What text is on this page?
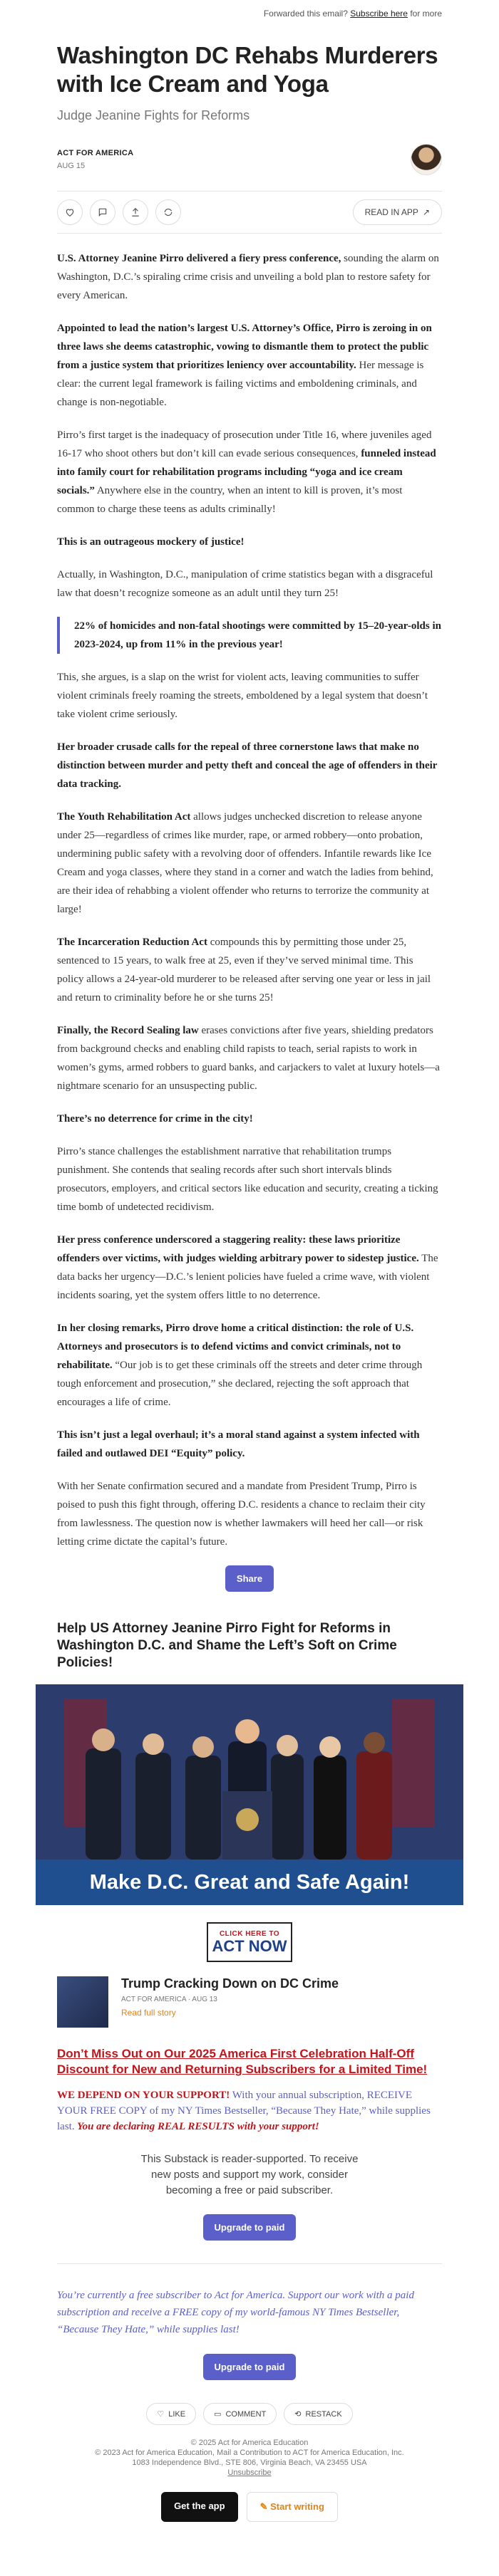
Forwarded this email? Subscribe here for more
Washington DC Rehabs Murderers with Ice Cream and Yoga
Judge Jeanine Fights for Reforms
ACT FOR AMERICA
AUG 15
READ IN APP ↗

U.S. Attorney Jeanine Pirro delivered a fiery press conference, sounding the alarm on Washington, D.C.’s spiraling crime crisis and unveiling a bold plan to restore safety for every American.

Appointed to lead the nation’s largest U.S. Attorney’s Office, Pirro is zeroing in on three laws she deems catastrophic, vowing to dismantle them to protect the public from a justice system that prioritizes leniency over accountability. Her message is clear: the current legal framework is failing victims and emboldening criminals, and change is non-negotiable.

Pirro’s first target is the inadequacy of prosecution under Title 16, where juveniles aged 16-17 who shoot others but don’t kill can evade serious consequences, funneled instead into family court for rehabilitation programs including “yoga and ice cream socials.” Anywhere else in the country, when an intent to kill is proven, it’s most common to charge these teens as adults criminally!

This is an outrageous mockery of justice!

Actually, in Washington, D.C., manipulation of crime statistics began with a disgraceful law that doesn’t recognize someone as an adult until they turn 25!

22% of homicides and non-fatal shootings were committed by 15–20-year-olds in 2023-2024, up from 11% in the previous year!

This, she argues, is a slap on the wrist for violent acts, leaving communities to suffer violent criminals freely roaming the streets, emboldened by a legal system that doesn’t take violent crime seriously.

Her broader crusade calls for the repeal of three cornerstone laws that make no distinction between murder and petty theft and conceal the age of offenders in their data tracking.

The Youth Rehabilitation Act allows judges unchecked discretion to release anyone under 25—regardless of crimes like murder, rape, or armed robbery—onto probation, undermining public safety with a revolving door of offenders. Infantile rewards like Ice Cream and yoga classes, where they stand in a corner and watch the ladies from behind, are their idea of rehabbing a violent offender who returns to terrorize the community at large!

The Incarceration Reduction Act compounds this by permitting those under 25, sentenced to 15 years, to walk free at 25, even if they’ve served minimal time. This policy allows a 24-year-old murderer to be released after serving one year or less in jail and return to criminality before he or she turns 25!

Finally, the Record Sealing law erases convictions after five years, shielding predators from background checks and enabling child rapists to teach, serial rapists to work in women’s gyms, armed robbers to guard banks, and carjackers to valet at luxury hotels—a nightmare scenario for an unsuspecting public.

There’s no deterrence for crime in the city!

Pirro’s stance challenges the establishment narrative that rehabilitation trumps punishment. She contends that sealing records after such short intervals blinds prosecutors, employers, and critical sectors like education and security, creating a ticking time bomb of undetected recidivism.

Her press conference underscored a staggering reality: these laws prioritize offenders over victims, with judges wielding arbitrary power to sidestep justice. The data backs her urgency—D.C.’s lenient policies have fueled a crime wave, with violent incidents soaring, yet the system offers little to no deterrence.

In her closing remarks, Pirro drove home a critical distinction: the role of U.S. Attorneys and prosecutors is to defend victims and convict criminals, not to rehabilitate. “Our job is to get these criminals off the streets and deter crime through tough enforcement and prosecution,” she declared, rejecting the soft approach that encourages a life of crime.

This isn’t just a legal overhaul; it’s a moral stand against a system infected with failed and outlawed DEI “Equity” policy.

With her Senate confirmation secured and a mandate from President Trump, Pirro is poised to push this fight through, offering D.C. residents a chance to reclaim their city from lawlessness. The question now is whether lawmakers will heed her call—or risk letting crime dictate the capital’s future.

Share
Help US Attorney Jeanine Pirro Fight for Reforms in Washington D.C. and Shame the Left’s Soft on Crime Policies!
Make D.C. Great and Safe Again!
CLICK HERE TO
ACT NOW
Trump Cracking Down on DC Crime
ACT FOR AMERICA · AUG 13
Read full story
Don’t Miss Out on Our 2025 America First Celebration Half-Off Discount for New and Returning Subscribers for a Limited Time!
WE DEPEND ON YOUR SUPPORT! With your annual subscription, RECEIVE YOUR FREE COPY of my NY Times Bestseller, “Because They Hate,” while supplies last. You are declaring REAL RESULTS with your support!
This Substack is reader-supported. To receive new posts and support my work, consider becoming a free or paid subscriber.
Upgrade to paid
You’re currently a free subscriber to Act for America. Support our work with a paid subscription and receive a FREE copy of my world-famous NY Times Bestseller, “Because They Hate,” while supplies last!
Upgrade to paid
♡ LIKE	▭ COMMENT	⟲ RESTACK
© 2025 Act for America Education
© 2023 Act for America Education, Mail a Contribution to ACT for America Education, Inc.
1083 Independence Blvd., STE 806, Virginia Beach, VA 23455 USA
Unsubscribe
Get the app	✎ Start writing
